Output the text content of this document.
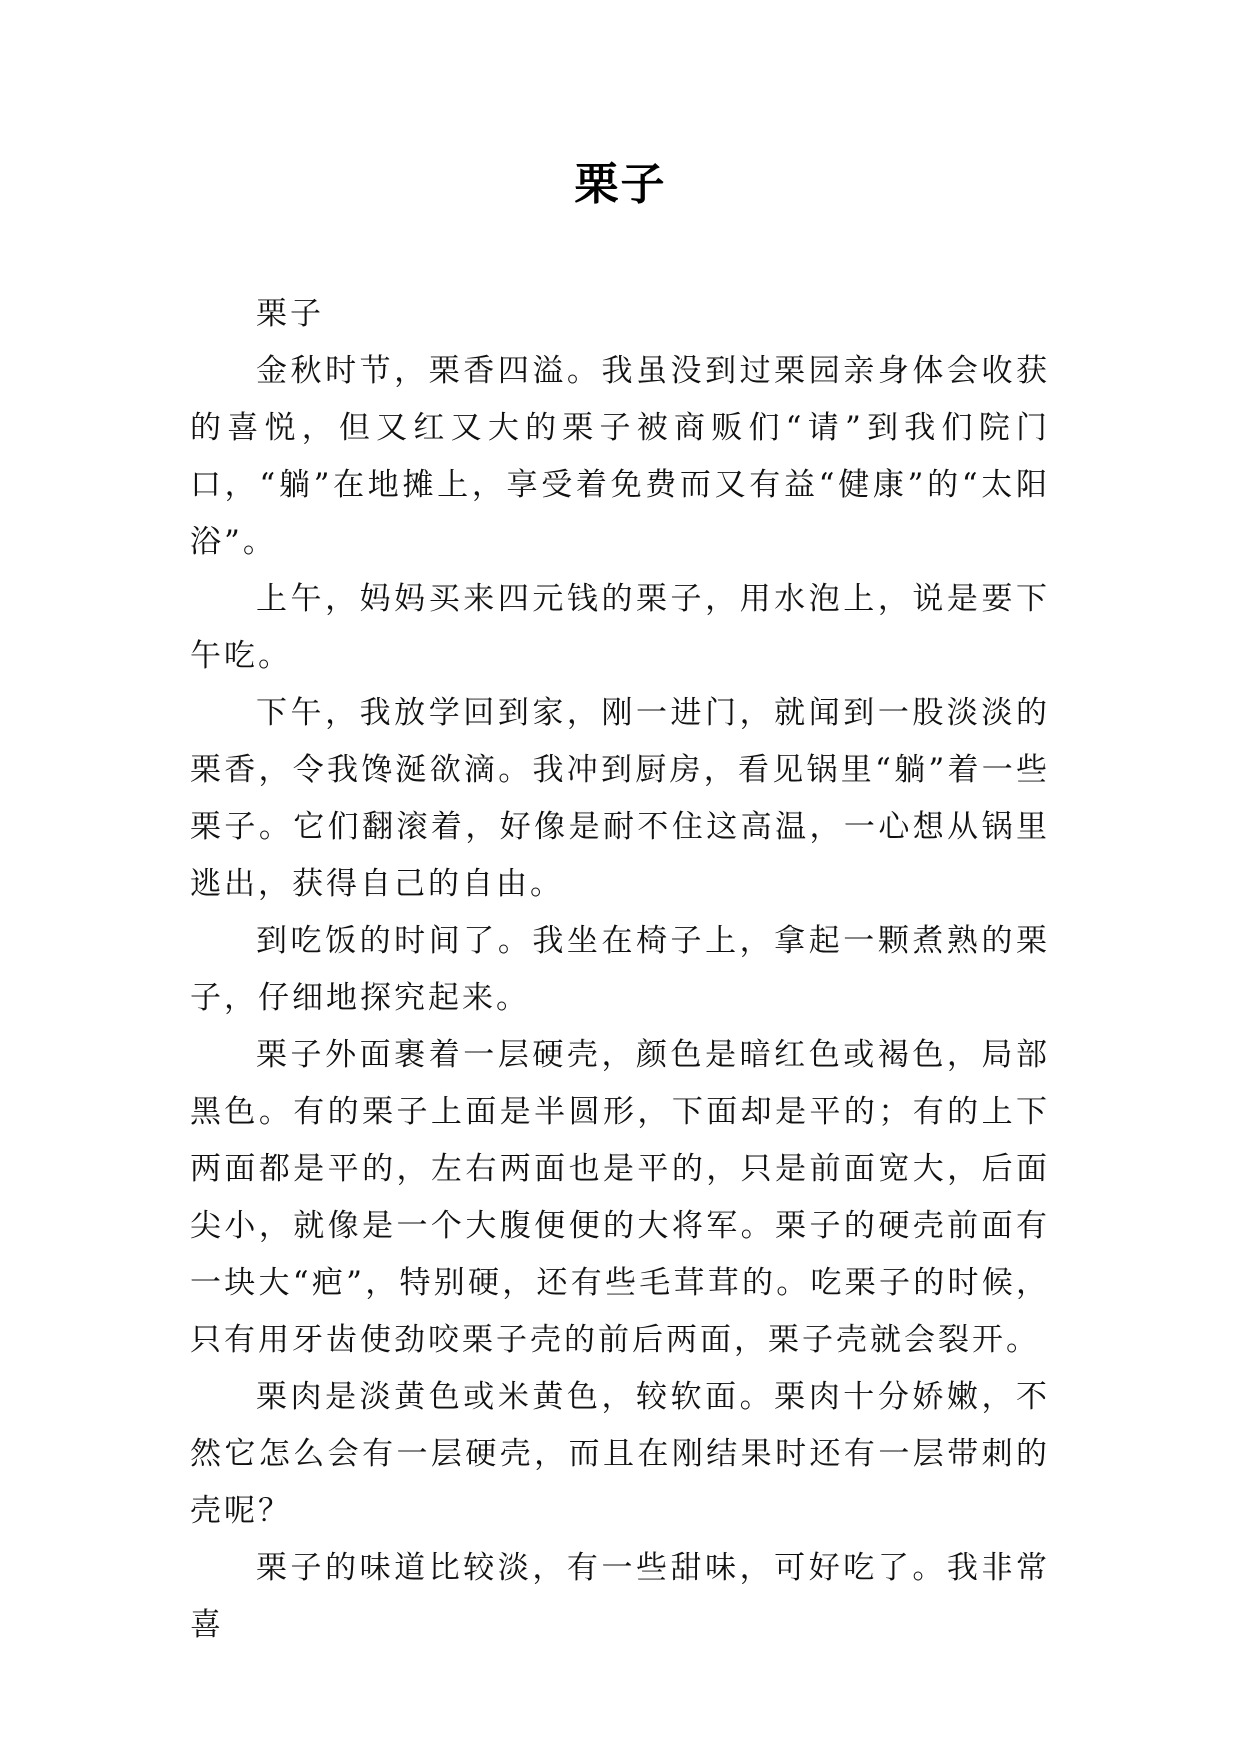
栗子

栗子

金秋时节，栗香四溢。我虽没到过栗园亲身体会收获的喜悦，但又红又大的栗子被商贩们“请”到我们院门口，“躺”在地摊上，享受着免费而又有益“健康”的“太阳浴”。

上午，妈妈买来四元钱的栗子，用水泡上，说是要下午吃。

下午，我放学回到家，刚一进门，就闻到一股淡淡的栗香，令我馋涎欲滴。我冲到厨房，看见锅里“躺”着一些栗子。它们翻滚着，好像是耐不住这高温，一心想从锅里逃出，获得自己的自由。

到吃饭的时间了。我坐在椅子上，拿起一颗煮熟的栗子，仔细地探究起来。

栗子外面裹着一层硬壳，颜色是暗红色或褐色，局部黑色。有的栗子上面是半圆形，下面却是平的；有的上下两面都是平的，左右两面也是平的，只是前面宽大，后面尖小，就像是一个大腹便便的大将军。栗子的硬壳前面有一块大“疤”，特别硬，还有些毛茸茸的。吃栗子的时候，只有用牙齿使劲咬栗子壳的前后两面，栗子壳就会裂开。

栗肉是淡黄色或米黄色，较软面。栗肉十分娇嫩，不然它怎么会有一层硬壳，而且在刚结果时还有一层带刺的壳呢？

栗子的味道比较淡，有一些甜味，可好吃了。我非常喜
